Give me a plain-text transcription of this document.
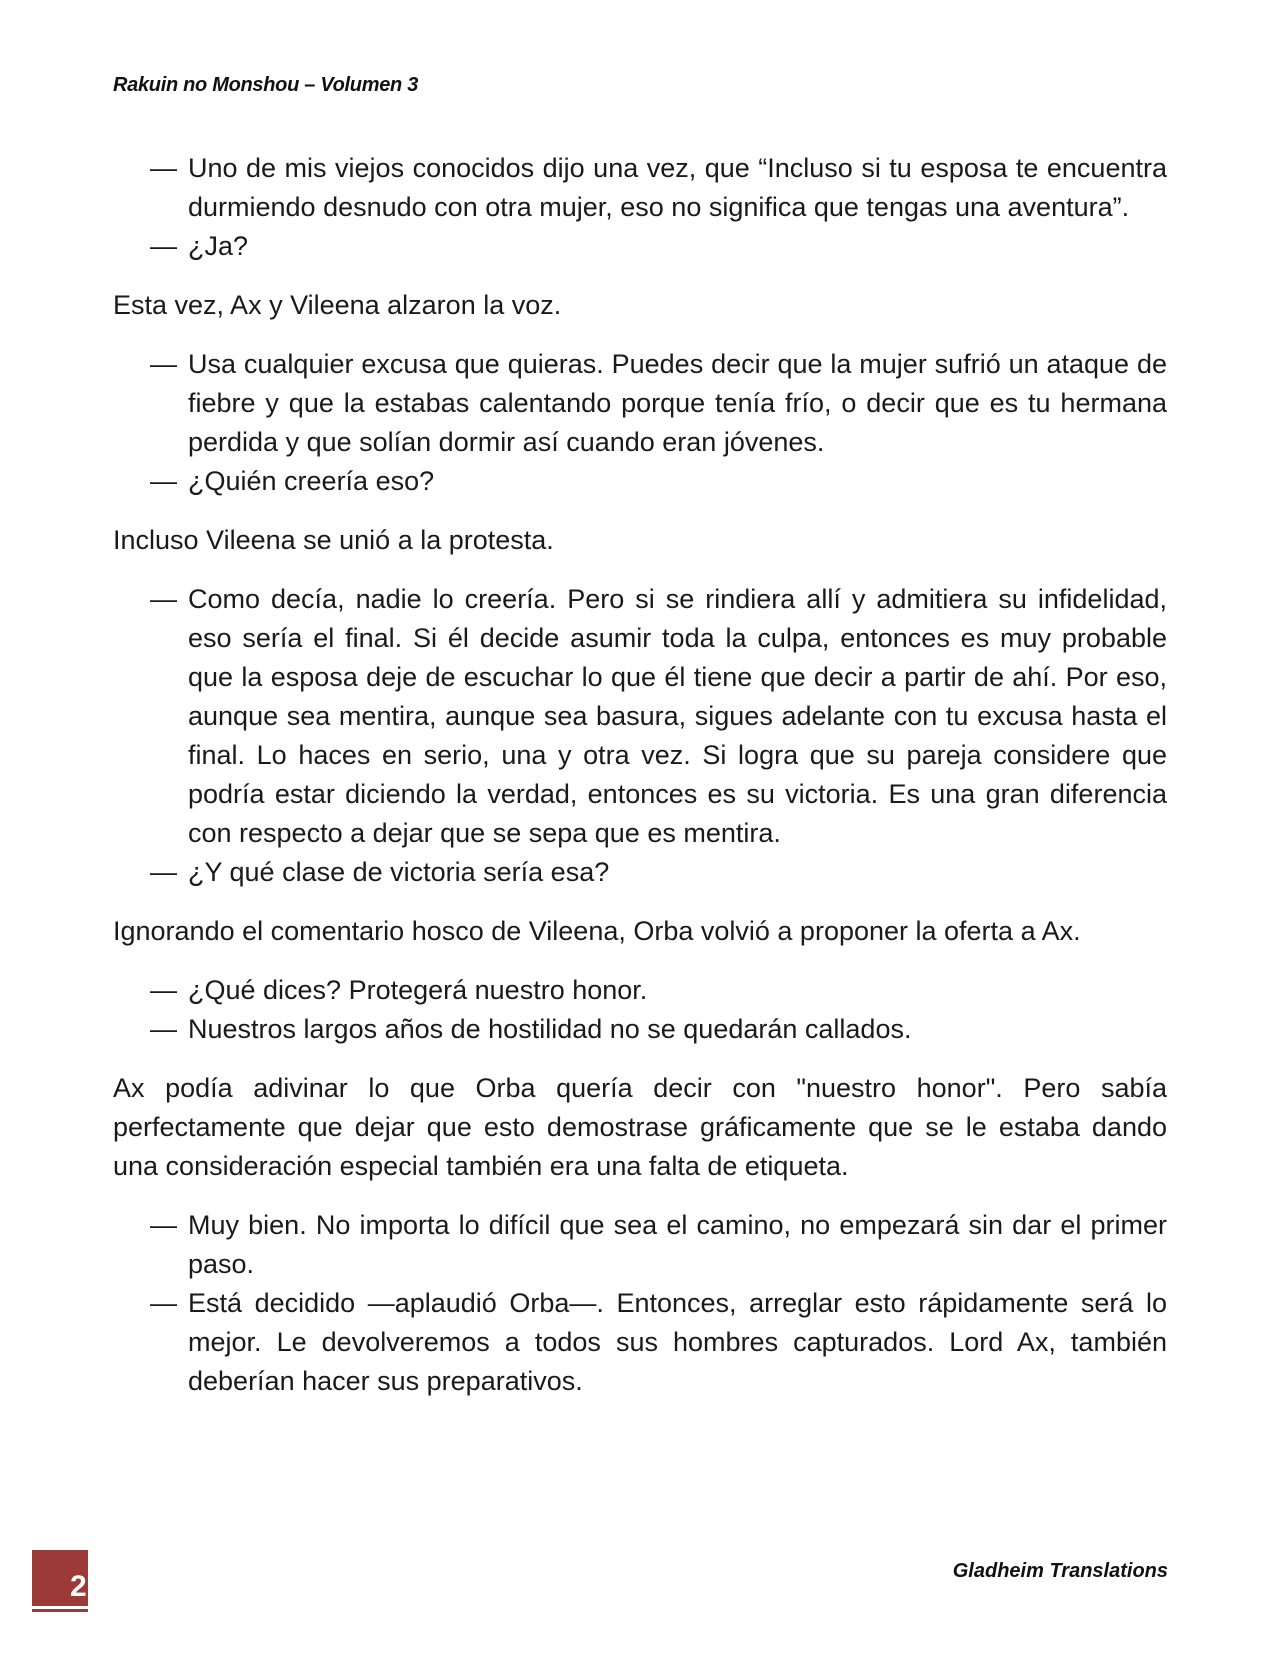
Rakuin no Monshou – Volumen 3
— Uno de mis viejos conocidos dijo una vez, que “Incluso si tu esposa te encuentra durmiendo desnudo con otra mujer, eso no significa que tengas una aventura”.
— ¿Ja?

Esta vez, Ax y Vileena alzaron la voz.

— Usa cualquier excusa que quieras. Puedes decir que la mujer sufrió un ataque de fiebre y que la estabas calentando porque tenía frío, o decir que es tu hermana perdida y que solían dormir así cuando eran jóvenes.
— ¿Quién creería eso?

Incluso Vileena se unió a la protesta.

— Como decía, nadie lo creería. Pero si se rindiera allí y admitiera su infidelidad, eso sería el final. Si él decide asumir toda la culpa, entonces es muy probable que la esposa deje de escuchar lo que él tiene que decir a partir de ahí. Por eso, aunque sea mentira, aunque sea basura, sigues adelante con tu excusa hasta el final. Lo haces en serio, una y otra vez. Si logra que su pareja considere que podría estar diciendo la verdad, entonces es su victoria. Es una gran diferencia con respecto a dejar que se sepa que es mentira.
— ¿Y qué clase de victoria sería esa?

Ignorando el comentario hosco de Vileena, Orba volvió a proponer la oferta a Ax.

— ¿Qué dices? Protegerá nuestro honor.
— Nuestros largos años de hostilidad no se quedarán callados.

Ax podía adivinar lo que Orba quería decir con "nuestro honor". Pero sabía perfectamente que dejar que esto demostrase gráficamente que se le estaba dando una consideración especial también era una falta de etiqueta.

— Muy bien. No importa lo difícil que sea el camino, no empezará sin dar el primer paso.
— Está decidido —aplaudió Orba—. Entonces, arreglar esto rápidamente será lo mejor. Le devolveremos a todos sus hombres capturados. Lord Ax, también deberían hacer sus preparativos.
2	Gladheim Translations
